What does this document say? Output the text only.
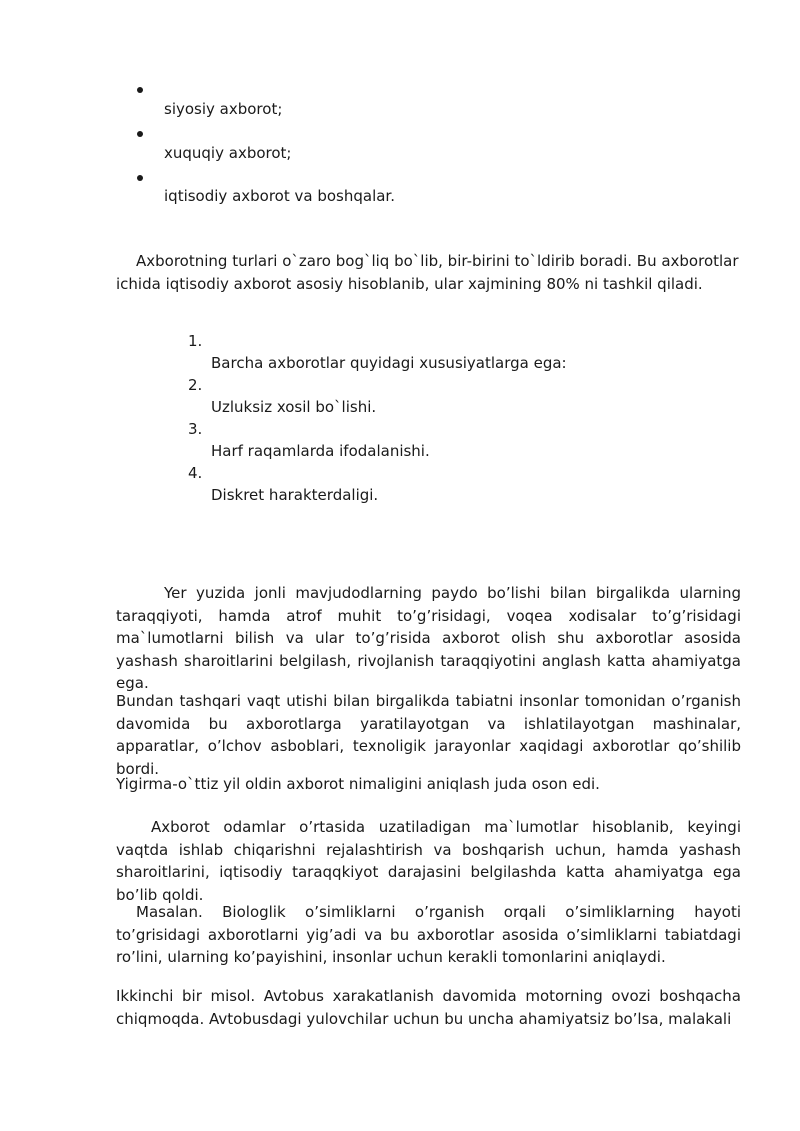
siyosiy axborot;
xuquqiy axborot;
iqtisodiy axborot va boshqalar.

Axborotning turlari o`zaro bog`liq bo`lib, bir-birini to`ldirib boradi. Bu axborotlar ichida iqtisodiy axborot asosiy hisoblanib, ular xajmining 80% ni tashkil qiladi.

1.
Barcha axborotlar quyidagi xususiyatlarga ega:
2.
Uzluksiz xosil bo`lishi.
3.
Harf raqamlarda ifodalanishi.
4.
Diskret harakterdaligi.

Yer yuzida jonli mavjudodlarning paydo bo’lishi bilan birgalikda ularning taraqqiyoti, hamda atrof muhit to’g’risidagi, voqea xodisalar to’g’risidagi ma`lumotlarni bilish va ular to’g’risida axborot olish shu axborotlar asosida yashash sharoitlarini belgilash, rivojlanish taraqqiyotini anglash katta ahamiyatga ega.

Bundan tashqari vaqt utishi bilan birgalikda tabiatni insonlar tomonidan o’rganish davomida bu axborotlarga yaratilayotgan va ishlatilayotgan mashinalar, apparatlar, o’lchov asboblari, texnoligik jarayonlar xaqidagi axborotlar qo’shilib bordi.

Yigirma-o`ttiz yil oldin axborot nimaligini aniqlash juda oson edi.

Axborot odamlar o’rtasida uzatiladigan ma`lumotlar hisoblanib, keyingi vaqtda ishlab chiqarishni rejalashtirish va boshqarish uchun, hamda yashash sharoitlarini, iqtisodiy taraqqkiyot darajasini belgilashda katta ahamiyatga ega bo’lib qoldi.

Masalan. Biologlik o’simliklarni o’rganish orqali o’simliklarning hayoti to’grisidagi axborotlarni yig’adi va bu axborotlar asosida o’simliklarni tabiatdagi ro’lini, ularning ko’payishini, insonlar uchun kerakli tomonlarini aniqlaydi.

Ikkinchi bir misol. Avtobus xarakatlanish davomida motorning ovozi boshqacha chiqmoqda. Avtobusdagi yulovchilar uchun bu uncha ahamiyatsiz bo’lsa, malakali
